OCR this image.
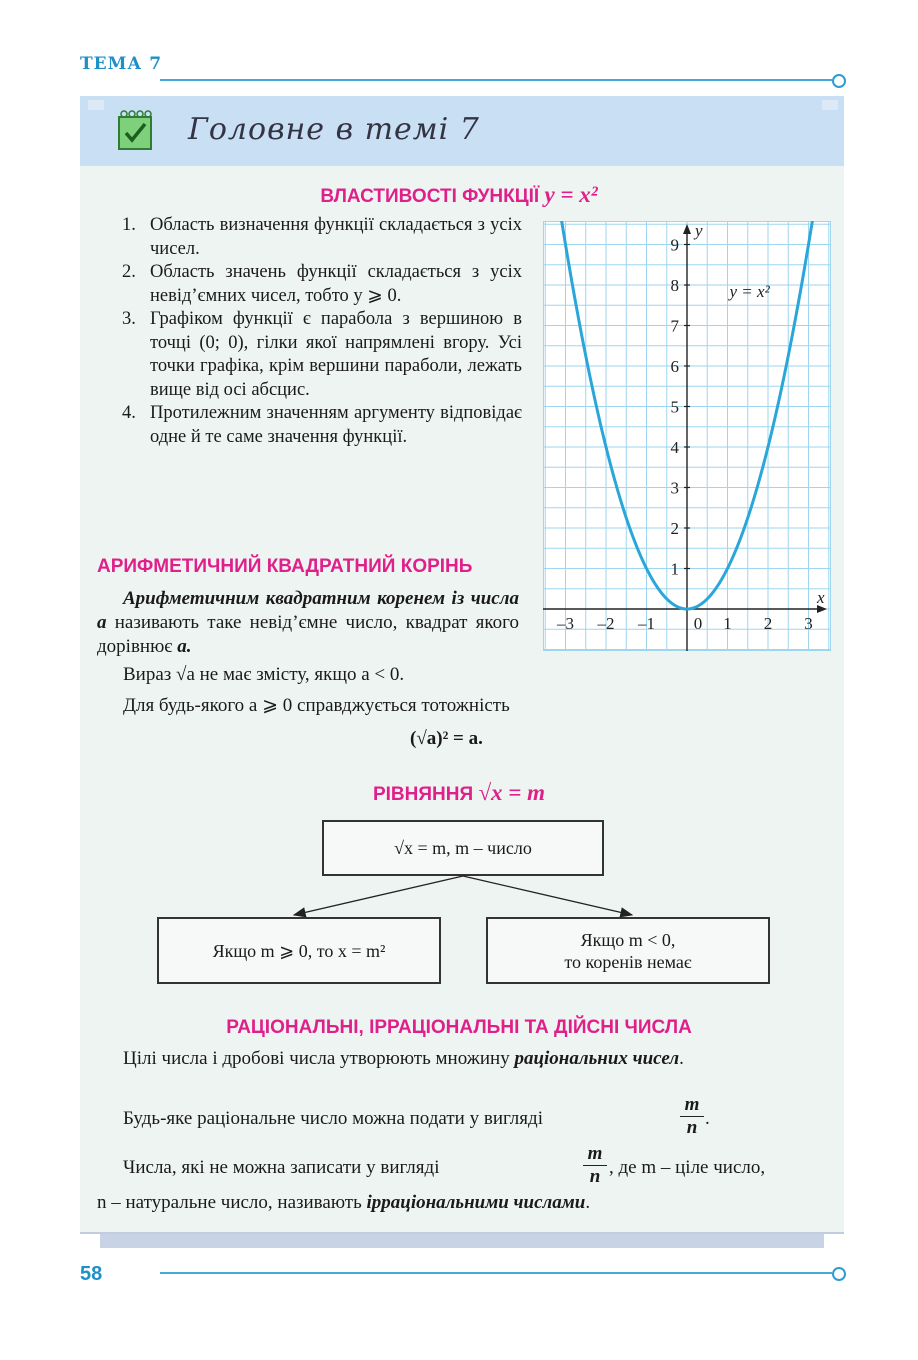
ТЕМА 7
Головне в темі 7
ВЛАСТИВОСТІ ФУНКЦІЇ y = x²
1. Область визначення функції складається з усіх чисел.
2. Область значень функції складається з усіх невід’ємних чисел, тобто y ⩾ 0.
3. Графіком функції є парабола з вершиною в точці (0; 0), гілки якої напрямлені вгору. Усі точки графіка, крім вершини параболи, лежать вище від осі абсцис.
4. Протилежним значенням аргументу відповідає одне й те саме значення функції.
–3 –2 –1 0 1 2 3
1
2
3
4
5
6
7
8
9
x
y
y = x²
АРИФМЕТИЧНИЙ КВАДРАТНИЙ КОРІНЬ
Арифметичним квадратним коренем із числа a називають таке невід’ємне число, квадрат якого дорівнює a.
Вираз √a не має змісту, якщо a < 0.
Для будь-якого a ⩾ 0 справджується тотожність
(√a)² = a.
РІВНЯННЯ √x = m
√x = m, m – число
Якщо m ⩾ 0, то x = m²
Якщо m < 0,
то коренів немає
РАЦІОНАЛЬНІ, ІРРАЦІОНАЛЬНІ ТА ДІЙСНІ ЧИСЛА
Цілі числа і дробові числа утворюють множину раціональних чисел.
Будь-яке раціональне число можна подати у вигляді
m
n .
Числа, які не можна записати у вигляді
m
n , де m – ціле число,
n – натуральне число, називають ірраціональними числами.
58
